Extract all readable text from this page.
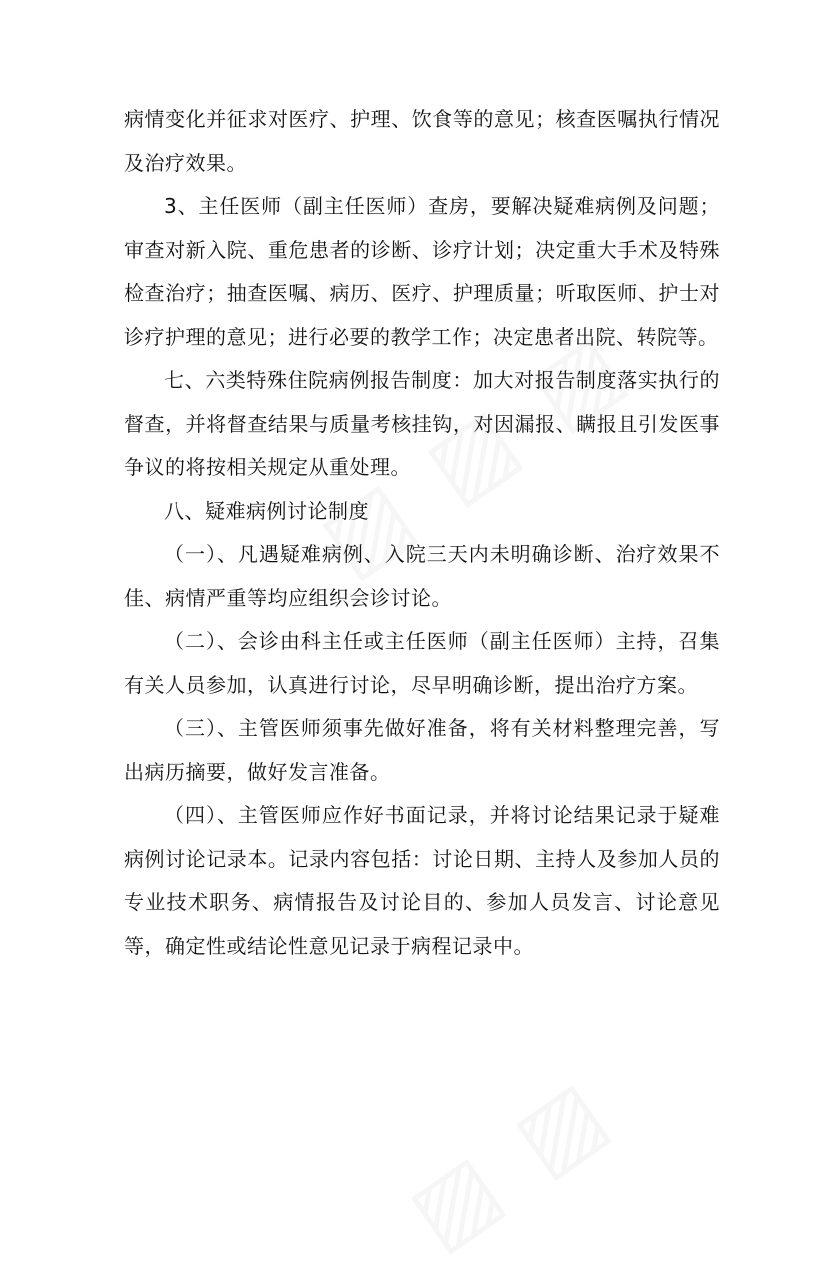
病情变化并征求对医疗、护理、饮食等的意见；核查医嘱执行情况及治疗效果。

3、主任医师（副主任医师）查房，要解决疑难病例及问题；审查对新入院、重危患者的诊断、诊疗计划；决定重大手术及特殊检查治疗；抽查医嘱、病历、医疗、护理质量；听取医师、护士对诊疗护理的意见；进行必要的教学工作；决定患者出院、转院等。

七、六类特殊住院病例报告制度：加大对报告制度落实执行的督查，并将督查结果与质量考核挂钩，对因漏报、瞒报且引发医事争议的将按相关规定从重处理。

八、疑难病例讨论制度

（一）、凡遇疑难病例、入院三天内未明确诊断、治疗效果不佳、病情严重等均应组织会诊讨论。

（二）、会诊由科主任或主任医师（副主任医师）主持，召集有关人员参加，认真进行讨论，尽早明确诊断，提出治疗方案。

（三）、主管医师须事先做好准备，将有关材料整理完善，写出病历摘要，做好发言准备。

（四）、主管医师应作好书面记录，并将讨论结果记录于疑难病例讨论记录本。记录内容包括：讨论日期、主持人及参加人员的专业技术职务、病情报告及讨论目的、参加人员发言、讨论意见等，确定性或结论性意见记录于病程记录中。
